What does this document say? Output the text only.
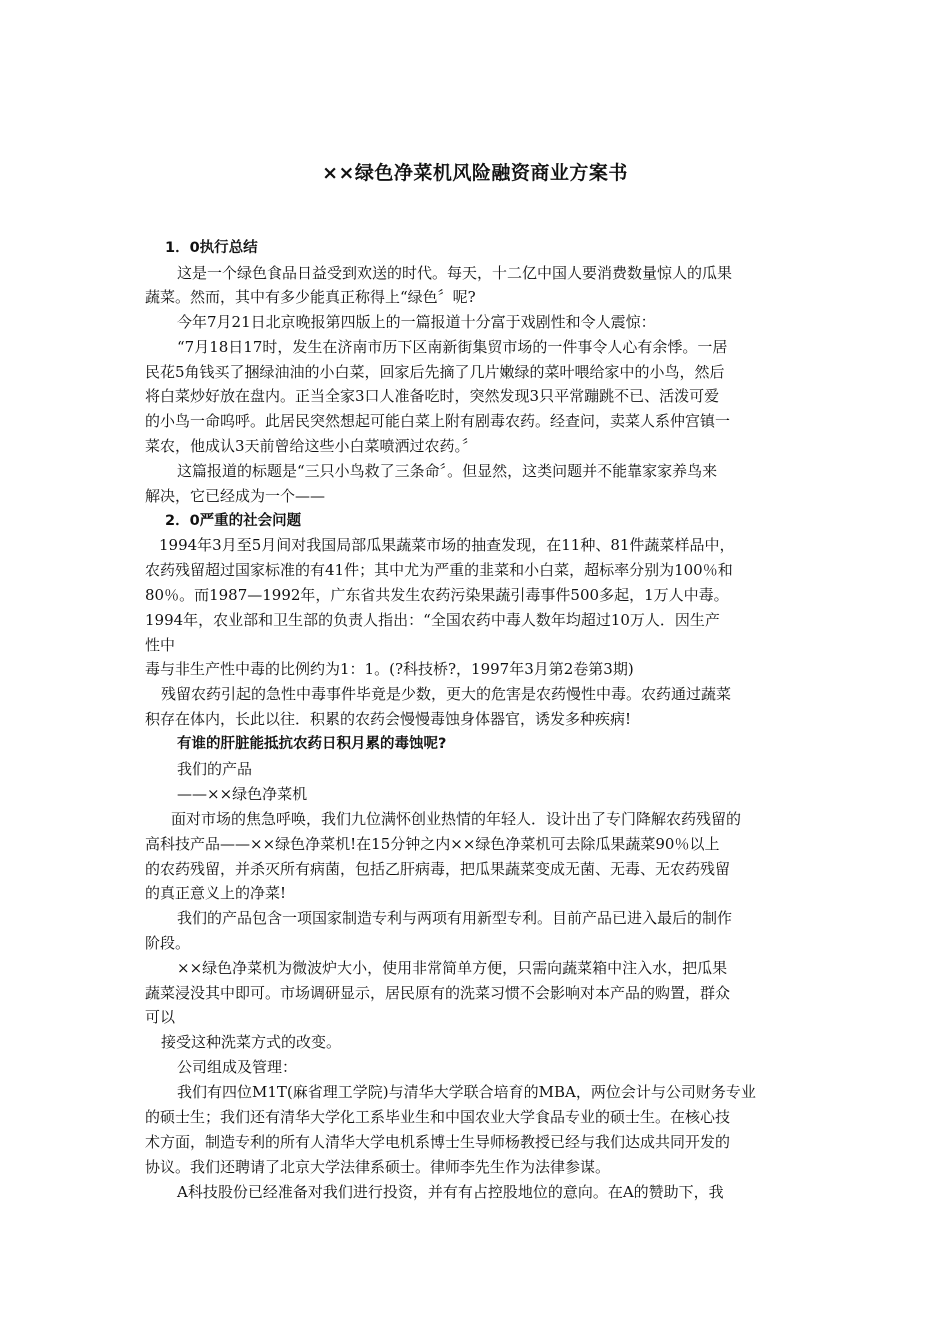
××绿色净菜机风险融资商业方案书
1．0执行总结
这是一个绿色食品日益受到欢送的时代。每天，十二亿中国人要消费数量惊人的瓜果
蔬菜。然而，其中有多少能真正称得上“绿色〞呢?
今年7月21日北京晚报第四版上的一篇报道十分富于戏剧性和令人震惊：
“7月18日17时，发生在济南市历下区南新街集贸市场的一件事令人心有余悸。一居
民花5角钱买了捆绿油油的小白菜，回家后先摘了几片嫩绿的菜叶喂给家中的小鸟，然后
将白菜炒好放在盘内。正当全家3口人准备吃时，突然发现3只平常蹦跳不已、活泼可爱
的小鸟一命呜呼。此居民突然想起可能白菜上附有剧毒农药。经查问，卖菜人系仲宫镇一
菜农，他成认3天前曾给这些小白菜喷洒过农药。〞
这篇报道的标题是“三只小鸟救了三条命〞。但显然，这类问题并不能靠家家养鸟来
解决，它已经成为一个——
2．0严重的社会问题
1994年3月至5月间对我国局部瓜果蔬菜市场的抽查发现，在11种、81件蔬菜样品中，
农药残留超过国家标准的有41件；其中尤为严重的韭菜和小白菜，超标率分别为100％和
80％。而1987—1992年，广东省共发生农药污染果蔬引毒事件500多起，1万人中毒。
1994年，农业部和卫生部的负责人指出：“全国农药中毒人数年均超过10万人．因生产
性中
毒与非生产性中毒的比例约为1：1。(?科技桥?，1997年3月第2卷第3期)
残留农药引起的急性中毒事件毕竟是少数，更大的危害是农药慢性中毒。农药通过蔬菜
积存在体内，长此以往．积累的农药会慢慢毒蚀身体器官，诱发多种疾病!
有谁的肝脏能抵抗农药日积月累的毒蚀呢?
我们的产品
——××绿色净菜机
面对市场的焦急呼唤，我们九位满怀创业热情的年轻人．设计出了专门降解农药残留的
高科技产品——××绿色净菜机!在15分钟之内××绿色净菜机可去除瓜果蔬菜90％以上
的农药残留，并杀灭所有病菌，包括乙肝病毒，把瓜果蔬菜变成无菌、无毒、无农药残留
的真正意义上的净菜!
我们的产品包含一项国家制造专利与两项有用新型专利。目前产品已进入最后的制作
阶段。
××绿色净菜机为微波炉大小，使用非常简单方便，只需向蔬菜箱中注入水，把瓜果
蔬菜浸没其中即可。市场调研显示，居民原有的洗菜习惯不会影响对本产品的购置，群众
可以
接受这种洗菜方式的改变。
公司组成及管理：
我们有四位M1T(麻省理工学院)与清华大学联合培育的MBA，两位会计与公司财务专业
的硕士生；我们还有清华大学化工系毕业生和中国农业大学食品专业的硕士生。在核心技
术方面，制造专利的所有人清华大学电机系博士生导师杨教授已经与我们达成共同开发的
协议。我们还聘请了北京大学法律系硕士。律师李先生作为法律参谋。
A科技股份已经准备对我们进行投资，并有有占控股地位的意向。在A的赞助下，我
